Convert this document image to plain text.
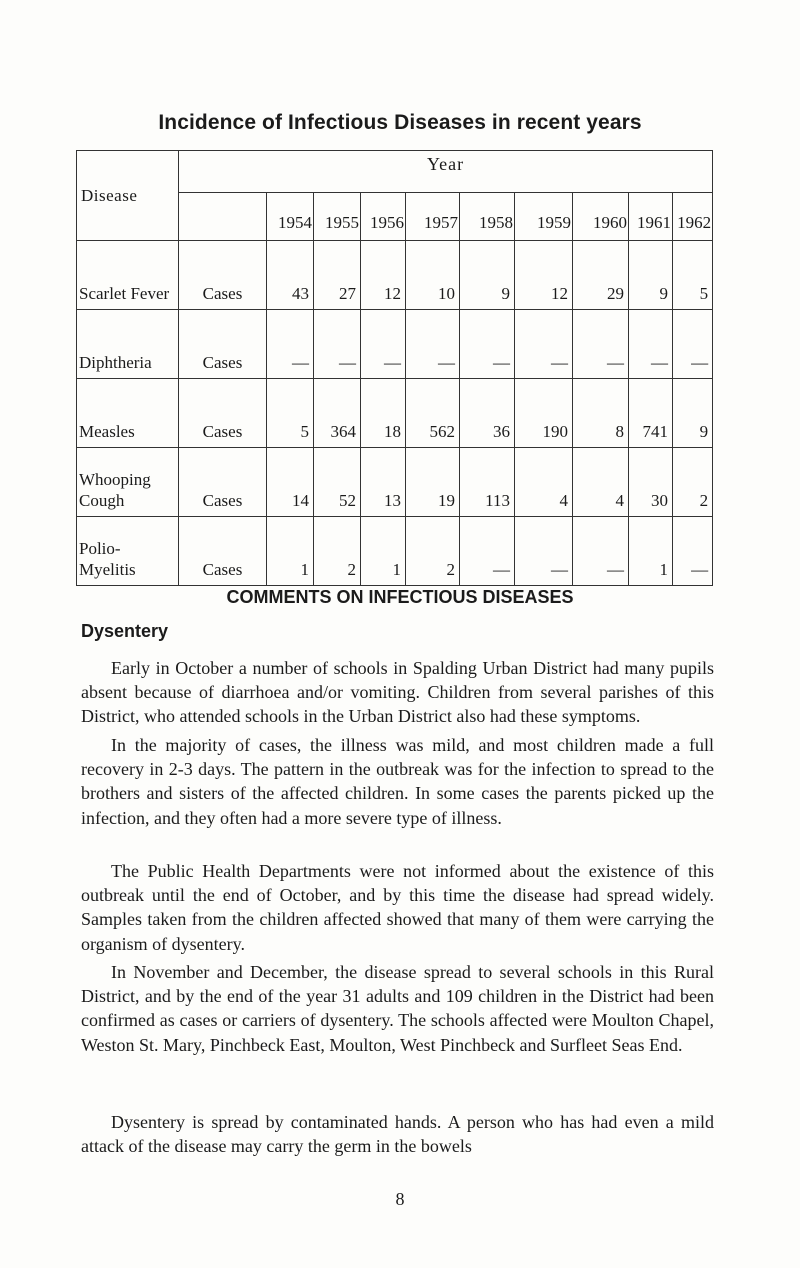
Incidence of Infectious Diseases in recent years
Disease	Year									
		1954	1955	1956	1957	1958	1959	1960	1961	1962
Scarlet Fever	Cases	43	27	12	10	9	12	29	9	5
Diphtheria	Cases	—	—	—	—	—	—	—	—	—
Measles	Cases	5	364	18	562	36	190	8	741	9
Whooping Cough	Cases	14	52	13	19	113	4	4	30	2
Polio-Myelitis	Cases	1	2	1	2	—	—	—	1	—
COMMENTS ON INFECTIOUS DISEASES
Dysentery

Early in October a number of schools in Spalding Urban District had many pupils absent because of diarrhoea and/or vomiting. Children from several parishes of this District, who attended schools in the Urban District also had these symptoms.

In the majority of cases, the illness was mild, and most children made a full recovery in 2-3 days. The pattern in the outbreak was for the infection to spread to the brothers and sisters of the affected children. In some cases the parents picked up the infection, and they often had a more severe type of illness.

The Public Health Departments were not informed about the existence of this outbreak until the end of October, and by this time the disease had spread widely. Samples taken from the children affected showed that many of them were carrying the organism of dysentery.

In November and December, the disease spread to several schools in this Rural District, and by the end of the year 31 adults and 109 children in the District had been confirmed as cases or carriers of dysentery. The schools affected were Moulton Chapel, Weston St. Mary, Pinchbeck East, Moulton, West Pinchbeck and Surfleet Seas End.

Dysentery is spread by contaminated hands. A person who has had even a mild attack of the disease may carry the germ in the bowels

8
